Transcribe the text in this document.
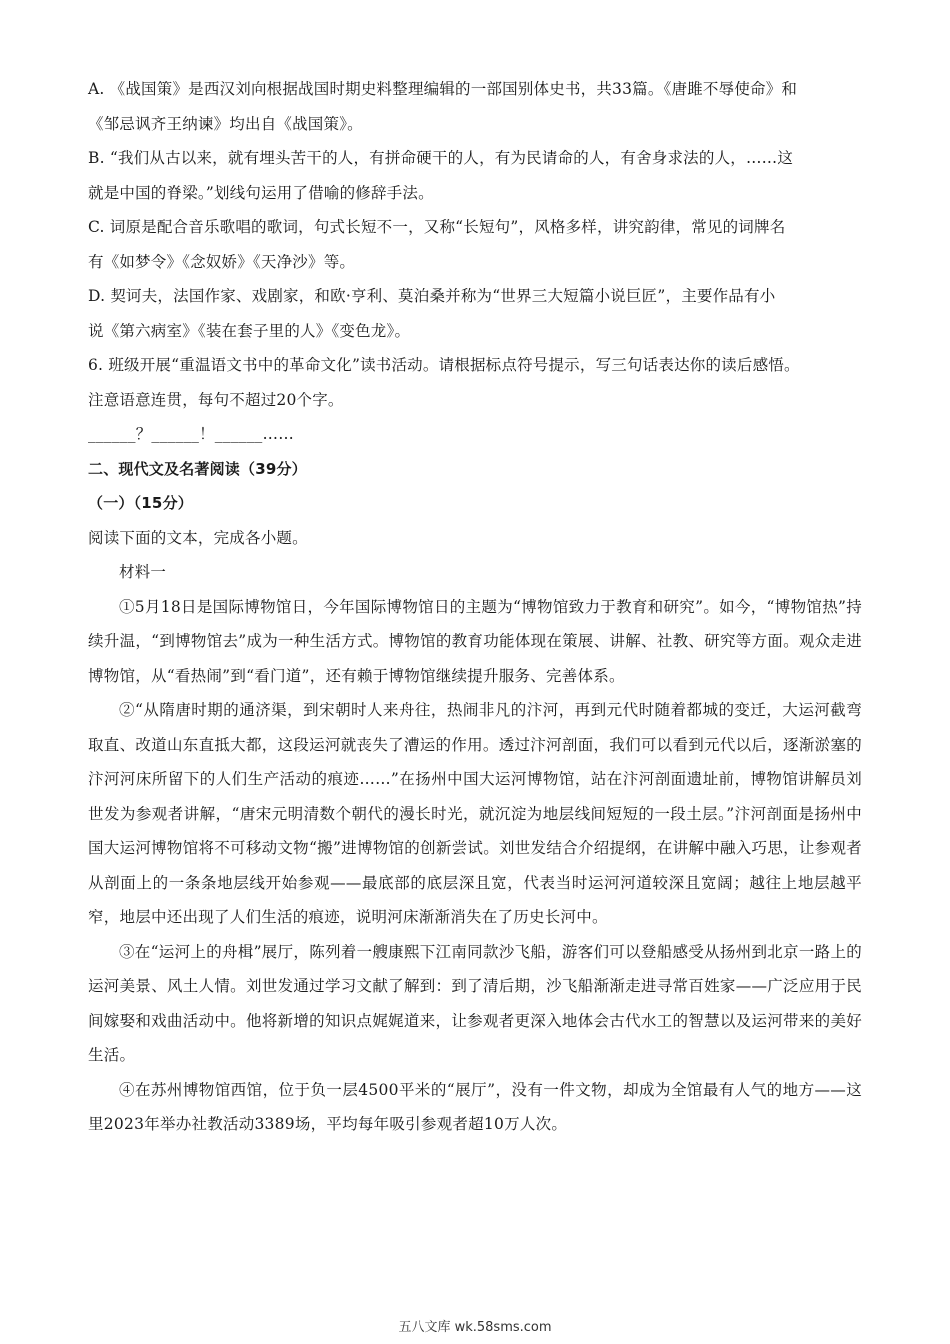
A. 《战国策》是西汉刘向根据战国时期史料整理编辑的一部国别体史书，共33篇。《唐雎不辱使命》和
《邹忌讽齐王纳谏》均出自《战国策》。
B. “我们从古以来，就有埋头苦干的人，有拼命硬干的人，有为民请命的人，有舍身求法的人，……这
就是中国的脊梁。”划线句运用了借喻的修辞手法。
C. 词原是配合音乐歌唱的歌词，句式长短不一，又称“长短句”，风格多样，讲究韵律，常见的词牌名
有《如梦令》《念奴娇》《天净沙》等。
D. 契诃夫，法国作家、戏剧家，和欧·亨利、莫泊桑并称为“世界三大短篇小说巨匠”，主要作品有小
说《第六病室》《装在套子里的人》《变色龙》。
6. 班级开展“重温语文书中的革命文化”读书活动。请根据标点符号提示，写三句话表达你的读后感悟。
注意语意连贯，每句不超过20个字。
______？______！______……
二、现代文及名著阅读（39分）
（一）（15分）
阅读下面的文本，完成各小题。
材料一
①5月18日是国际博物馆日，今年国际博物馆日的主题为“博物馆致力于教育和研究”。如今，“博物馆热”持续升温，“到博物馆去”成为一种生活方式。博物馆的教育功能体现在策展、讲解、社教、研究等方面。观众走进博物馆，从“看热闹”到“看门道”，还有赖于博物馆继续提升服务、完善体系。
②“从隋唐时期的通济渠，到宋朝时人来舟往，热闹非凡的汴河，再到元代时随着都城的变迁，大运河截弯取直、改道山东直抵大都，这段运河就丧失了漕运的作用。透过汴河剖面，我们可以看到元代以后，逐渐淤塞的汴河河床所留下的人们生产活动的痕迹……”在扬州中国大运河博物馆，站在汴河剖面遗址前，博物馆讲解员刘世发为参观者讲解，“唐宋元明清数个朝代的漫长时光，就沉淀为地层线间短短的一段土层。”汴河剖面是扬州中国大运河博物馆将不可移动文物“搬”进博物馆的创新尝试。刘世发结合介绍提纲，在讲解中融入巧思，让参观者从剖面上的一条条地层线开始参观——最底部的底层深且宽，代表当时运河河道较深且宽阔；越往上地层越平窄，地层中还出现了人们生活的痕迹，说明河床渐渐消失在了历史长河中。
③在“运河上的舟楫”展厅，陈列着一艘康熙下江南同款沙飞船，游客们可以登船感受从扬州到北京一路上的运河美景、风土人情。刘世发通过学习文献了解到：到了清后期，沙飞船渐渐走进寻常百姓家——广泛应用于民间嫁娶和戏曲活动中。他将新增的知识点娓娓道来，让参观者更深入地体会古代水工的智慧以及运河带来的美好生活。
④在苏州博物馆西馆，位于负一层4500平米的“展厅”，没有一件文物，却成为全馆最有人气的地方——这里2023年举办社教活动3389场，平均每年吸引参观者超10万人次。
五八文库 wk.58sms.com
